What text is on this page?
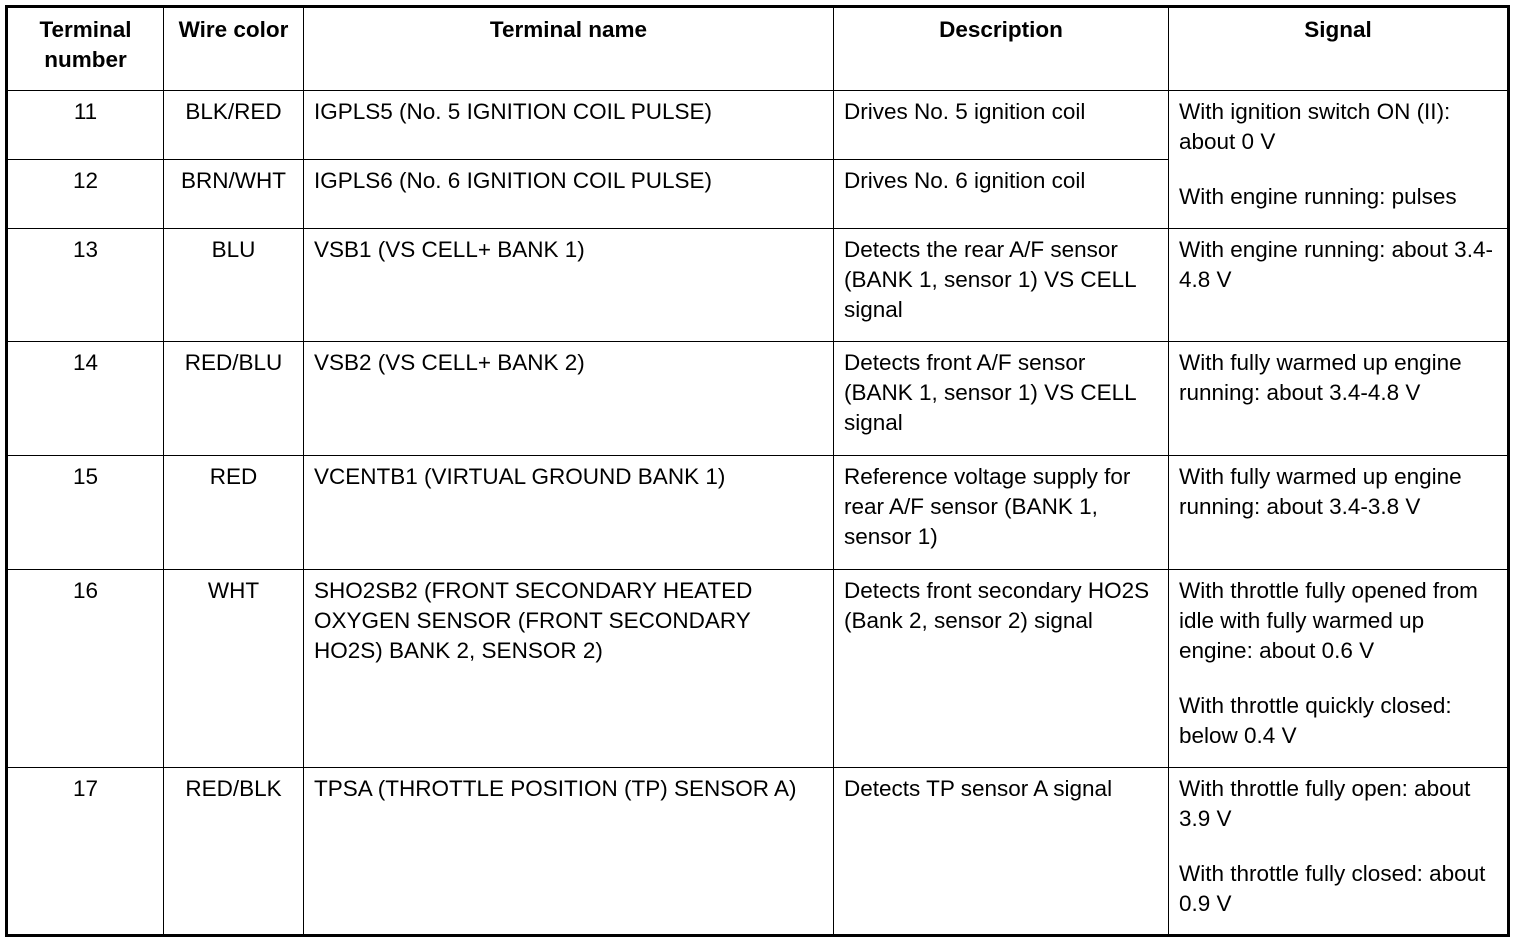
Terminal number	Wire color	Terminal name	Description	Signal
11	BLK/RED	IGPLS5 (No. 5 IGNITION COIL PULSE)	Drives No. 5 ignition coil	With ignition switch ON (II): about 0 V
With engine running: pulses

12	BRN/WHT	IGPLS6 (No. 6 IGNITION COIL PULSE)	Drives No. 6 ignition coil	
13	BLU	VSB1 (VS CELL+ BANK 1)	Detects the rear A/F sensor (BANK 1, sensor 1) VS CELL signal	With engine running: about 3.4-4.8 V

14	RED/BLU	VSB2 (VS CELL+ BANK 2)	Detects front A/F sensor (BANK 1, sensor 1) VS CELL signal	With fully warmed up engine running: about 3.4-4.8 V

15	RED	VCENTB1 (VIRTUAL GROUND BANK 1)	Reference voltage supply for rear A/F sensor (BANK 1, sensor 1)	With fully warmed up engine running: about 3.4-3.8 V

16	WHT	SHO2SB2 (FRONT SECONDARY HEATED OXYGEN SENSOR (FRONT SECONDARY HO2S) BANK 2, SENSOR 2)	Detects front secondary HO2S (Bank 2, sensor 2) signal	With throttle fully opened from idle with fully warmed up engine: about 0.6 V
With throttle quickly closed: below 0.4 V

17	RED/BLK	TPSA (THROTTLE POSITION (TP) SENSOR A)	Detects TP sensor A signal	With throttle fully open: about 3.9 V
With throttle fully closed: about 0.9 V
